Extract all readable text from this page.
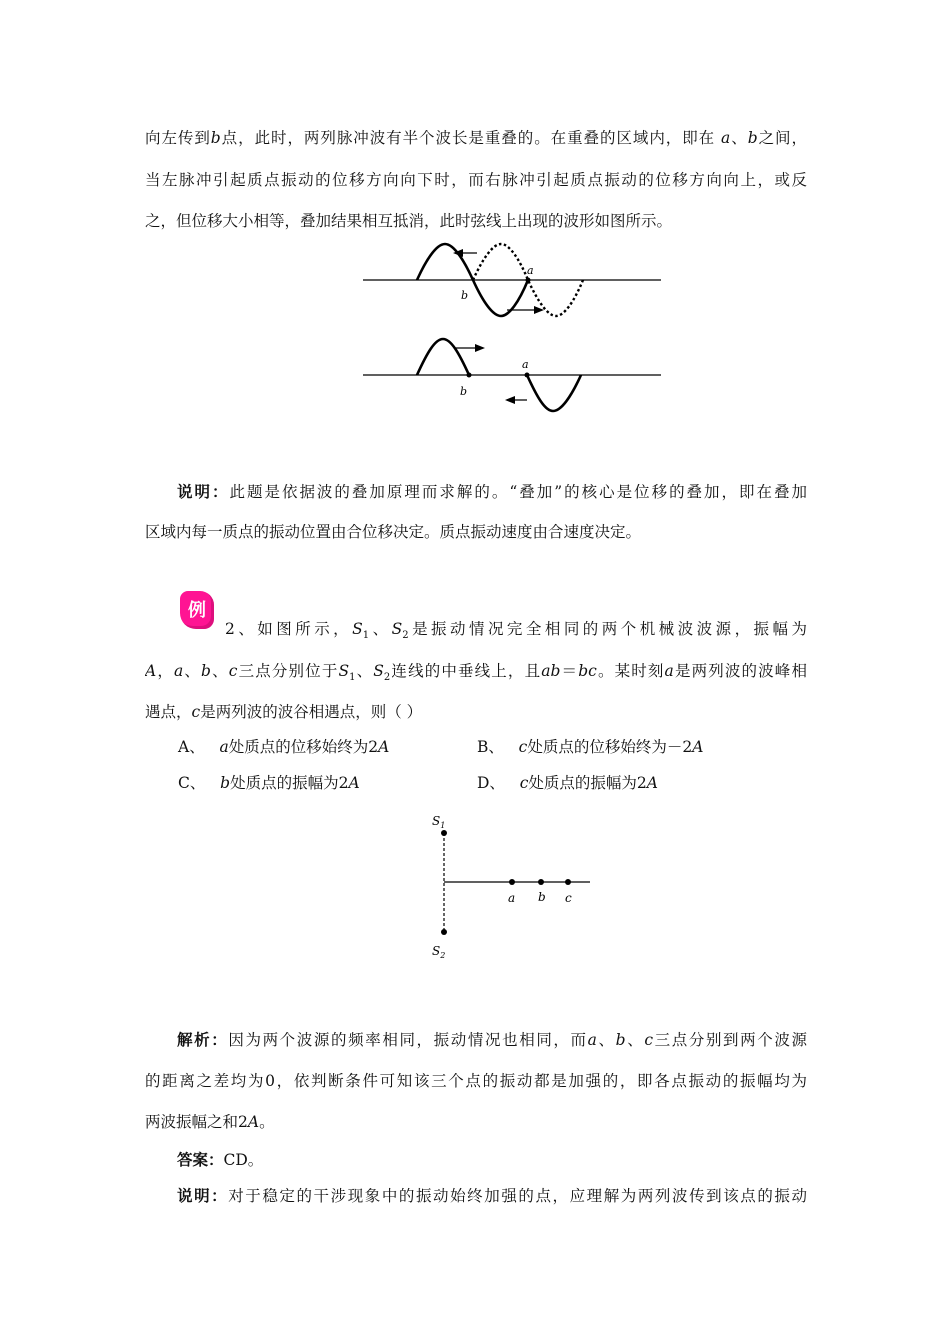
向左传到b点，此时，两列脉冲波有半个波长是重叠的。在重叠的区域内，即在 a、b之间，
当左脉冲引起质点振动的位移方向向下时，而右脉冲引起质点振动的位移方向向上，或反
之，但位移大小相等，叠加结果相互抵消，此时弦线上出现的波形如图所示。
a
b
a
b
说明：此题是依据波的叠加原理而求解的。“叠加”的核心是位移的叠加，即在叠加
区域内每一质点的振动位置由合位移决定。质点振动速度由合速度决定。
例
2、如图所示，$S_1$、$S_2$是振动情况完全相同的两个机械波波源，振幅为
A，a、b、c三点分别位于$S_1$、$S_2$连线的中垂线上，且ab＝bc。某时刻a是两列波的波峰相
遇点，c是两列波的波谷相遇点，则（ ）
A、 a处质点的位移始终为2A	B、 c处质点的位移始终为－2A
C、 b处质点的振幅为2A	D、 c处质点的振幅为2A
$S_1$
$S_2$
a b c
解析：因为两个波源的频率相同，振动情况也相同，而a、b、c三点分别到两个波源
的距离之差均为0，依判断条件可知该三个点的振动都是加强的，即各点振动的振幅均为
两波振幅之和2A。
答案：CD。
说明：对于稳定的干涉现象中的振动始终加强的点，应理解为两列波传到该点的振动
